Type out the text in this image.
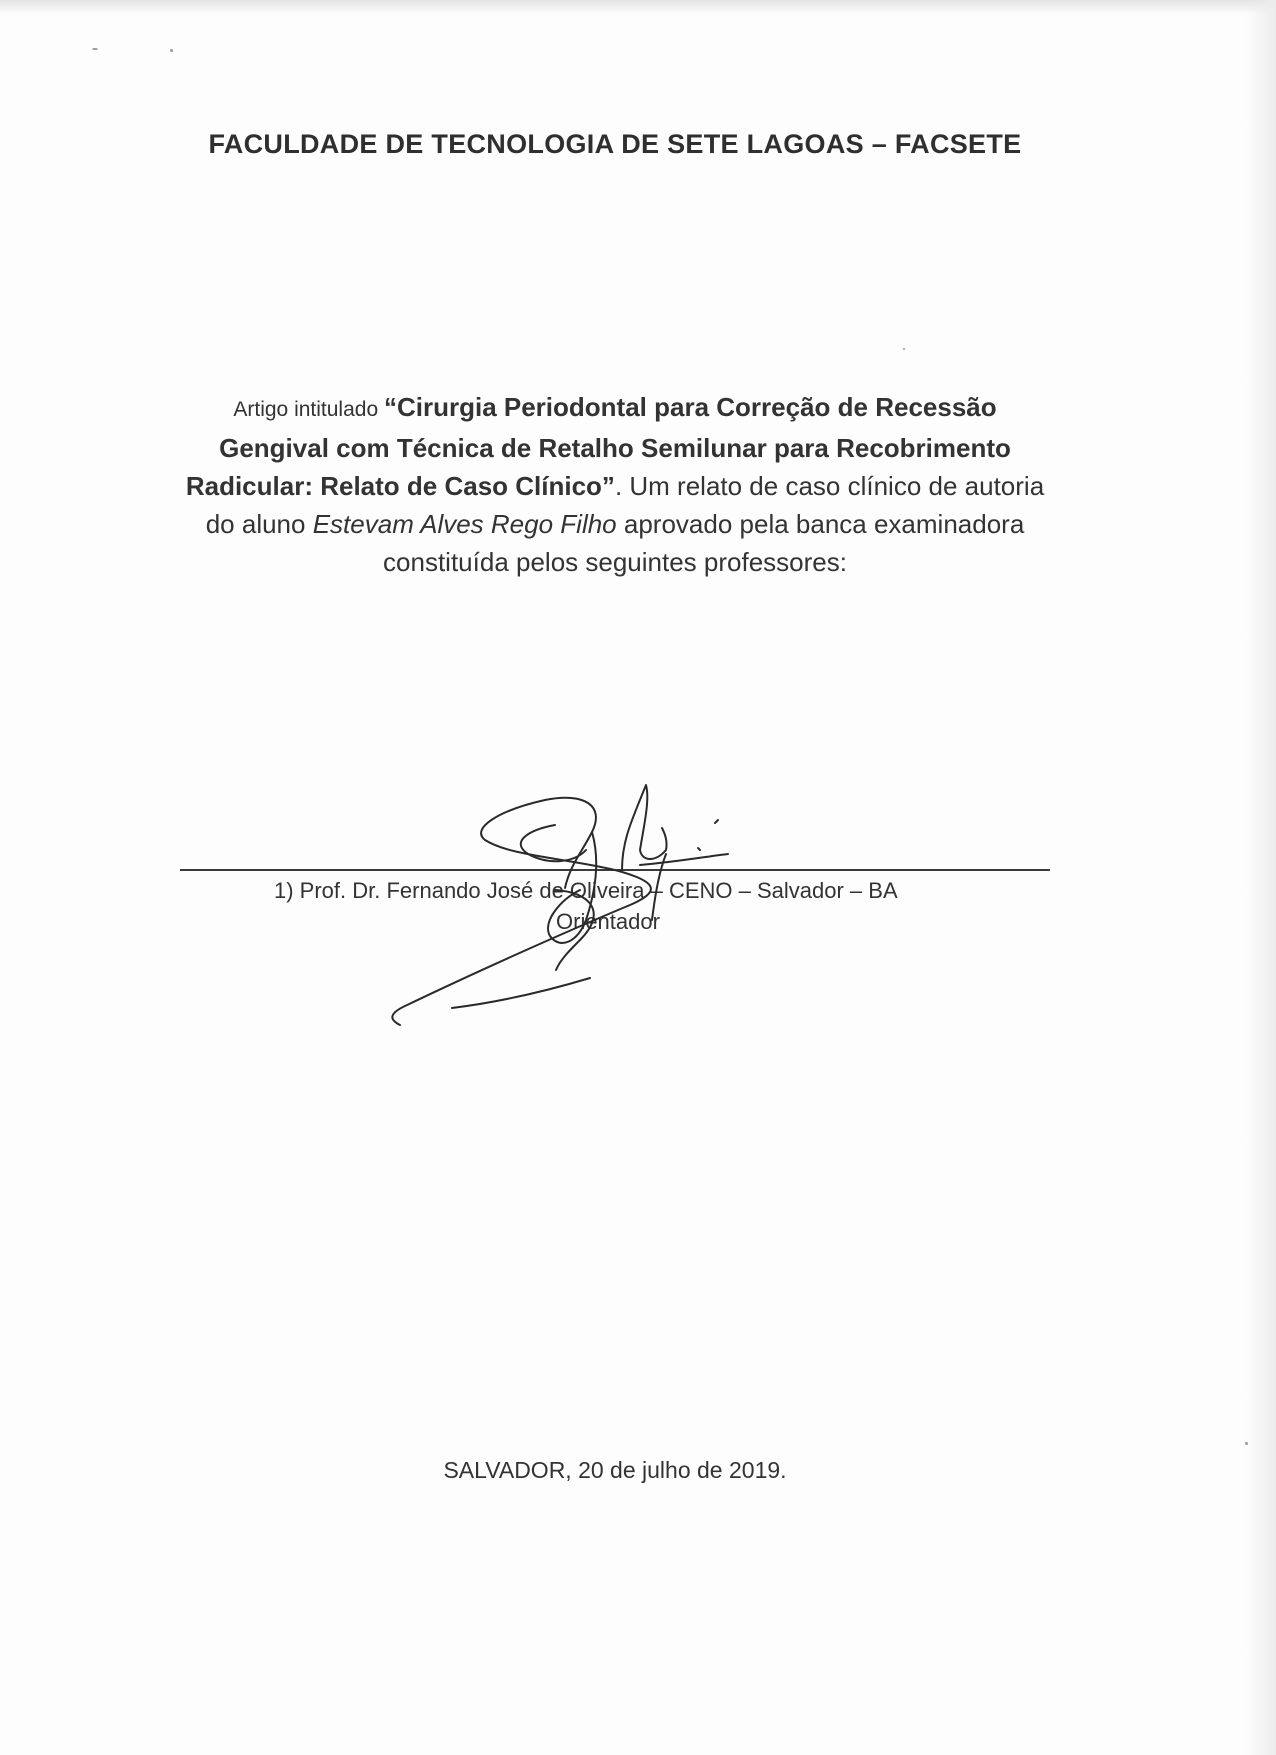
FACULDADE DE TECNOLOGIA DE SETE LAGOAS – FACSETE
Artigo intitulado “Cirurgia Periodontal para Correção de Recessão Gengival com Técnica de Retalho Semilunar para Recobrimento Radicular: Relato de Caso Clínico”. Um relato de caso clínico de autoria do aluno Estevam Alves Rego Filho aprovado pela banca examinadora constituída pelos seguintes professores:
1) Prof. Dr. Fernando José de Oliveira – CENO – Salvador – BA
Orientador
SALVADOR, 20 de julho de 2019.
